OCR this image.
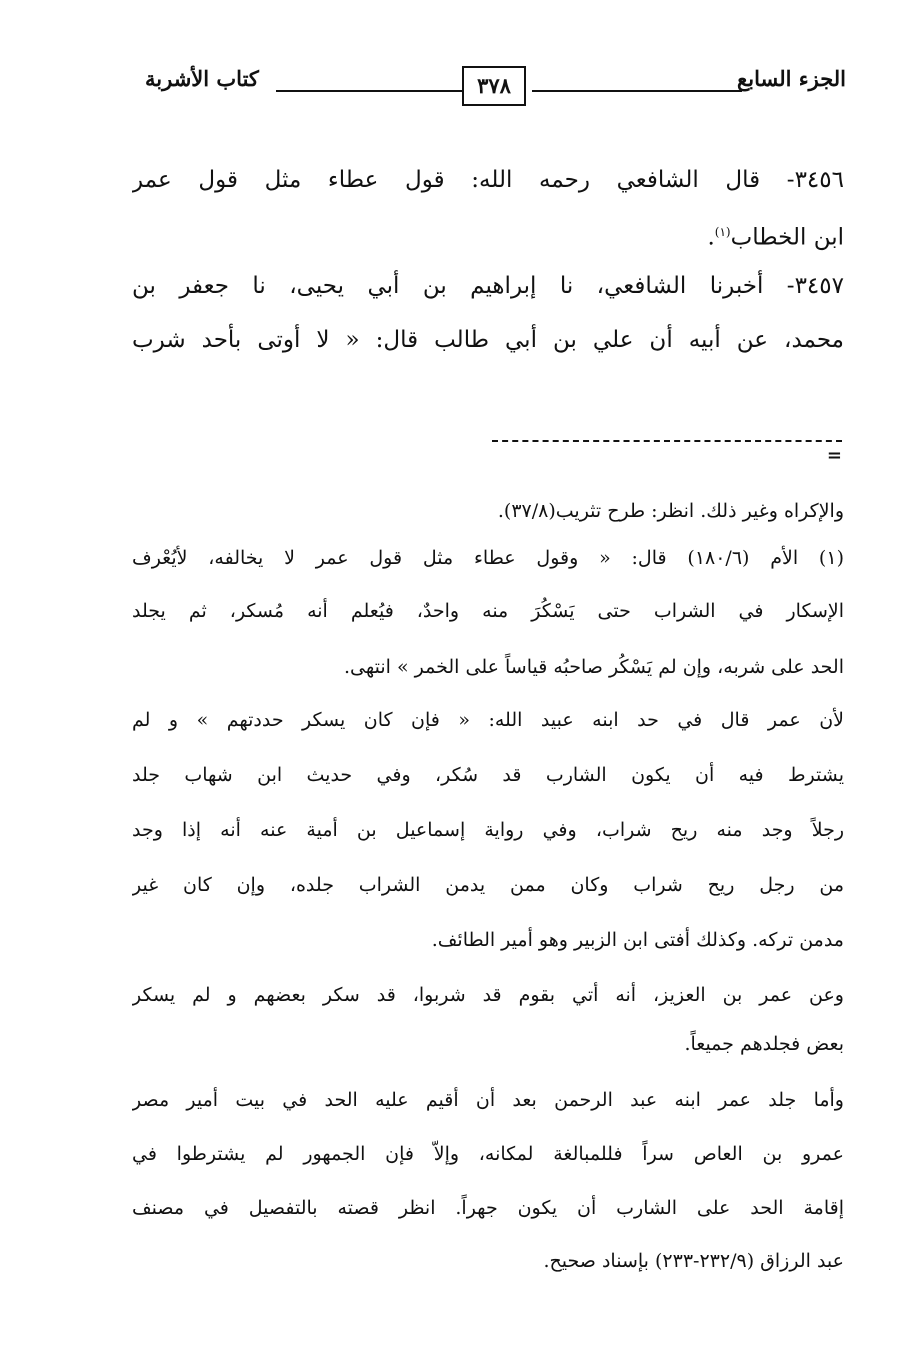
الجزء السابع
٣٧٨
كتاب الأشربة
٣٤٥٦- قال الشافعي رحمه الله: قول عطاء مثل قول عمر
ابن الخطاب$^{(١)}$.
٣٤٥٧- أخبرنا الشافعي، نا إبراهيم بن أبي يحيى، نا جعفر بن
محمد، عن أبيه أن علي بن أبي طالب قال: « لا أوتى بأحد شرب
=
والإكراه وغير ذلك. انظر: طرح تثريب(٣٧/٨).
(١) الأم (١٨٠/٦) قال: « وقول عطاء مثل قول عمر لا يخالفه، لأيُعْرف
الإسكار في الشراب حتى يَسْكُرَ منه واحدٌ، فيُعلم أنه مُسكر، ثم يجلد
الحد على شربه، وإن لم يَسْكُر صاحبُه قياساً على الخمر » انتهى.
لأن عمر قال في حد ابنه عبيد الله: « فإن كان يسكر حددتهم » و لم
يشترط فيه أن يكون الشارب قد سُكر، وفي حديث ابن شهاب جلد
رجلاً وجد منه ريح شراب، وفي رواية إسماعيل بن أمية عنه أنه إذا وجد
من رجل ريح شراب وكان ممن يدمن الشراب جلده، وإن كان غير
مدمن تركه. وكذلك أفتى ابن الزبير وهو أمير الطائف.
وعن عمر بن العزيز، أنه أتي بقوم قد شربوا، قد سكر بعضهم و لم يسكر
بعض فجلدهم جميعاً.
وأما جلد عمر ابنه عبد الرحمن بعد أن أقيم عليه الحد في بيت أمير مصر
عمرو بن العاص سراً فللمبالغة لمكانه، وإلاّ فإن الجمهور لم يشترطوا في
إقامة الحد على الشارب أن يكون جهراً. انظر قصته بالتفصيل في مصنف
عبد الرزاق (٢٣٢/٩-٢٣٣) بإسناد صحيح.
